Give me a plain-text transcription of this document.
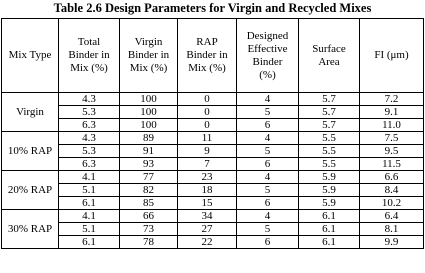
Table 2.6 Design Parameters for Virgin and Recycled Mixes
Mix Type	Total
Binder in
Mix (%)	Virgin
Binder in
Mix (%)	RAP
Binder in
Mix (%)	Designed
Effective
Binder
(%)	Surface
Area	FI (μm)

Virgin	4.3	100	0	4	5.7	7.2
	5.3	100	0	5	5.7	9.1
	6.3	100	0	6	5.7	11.0
10% RAP	4.3	89	11	4	5.5	7.5
	5.3	91	9	5	5.5	9.5
	6.3	93	7	6	5.5	11.5
20% RAP	4.1	77	23	4	5.9	6.6
	5.1	82	18	5	5.9	8.4
	6.1	85	15	6	5.9	10.2
30% RAP	4.1	66	34	4	6.1	6.4
	5.1	73	27	5	6.1	8.1
	6.1	78	22	6	6.1	9.9
